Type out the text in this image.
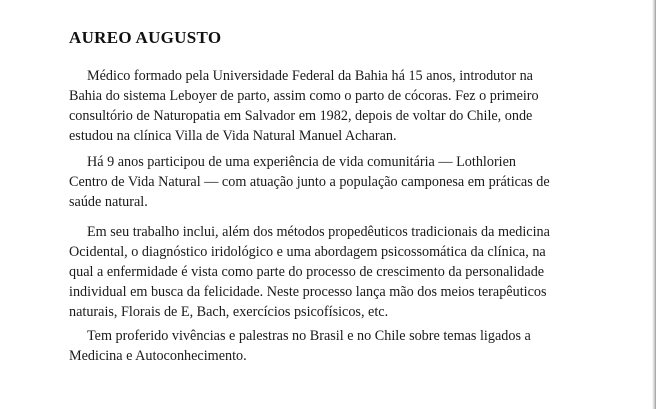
AUREO AUGUSTO

Médico formado pela Universidade Federal da Bahia há 15 anos, introdutor na
Bahia do sistema Leboyer de parto, assim como o parto de cócoras. Fez o primeiro
consultório de Naturopatia em Salvador em 1982, depois de voltar do Chile, onde
estudou na clínica Villa de Vida Natural Manuel Acharan.

Há 9 anos participou de uma experiência de vida comunitária — Lothlorien
Centro de Vida Natural — com atuação junto a população camponesa em práticas de
saúde natural.

Em seu trabalho inclui, além dos métodos propedêuticos tradicionais da medicina
Ocidental, o diagnóstico iridológico e uma abordagem psicossomática da clínica, na
qual a enfermidade é vista como parte do processo de crescimento da personalidade
individual em busca da felicidade. Neste processo lança mão dos meios terapêuticos
naturais, Florais de E, Bach, exercícios psicofísicos, etc.

Tem proferido vivências e palestras no Brasil e no Chile sobre temas ligados a
Medicina e Autoconhecimento.
